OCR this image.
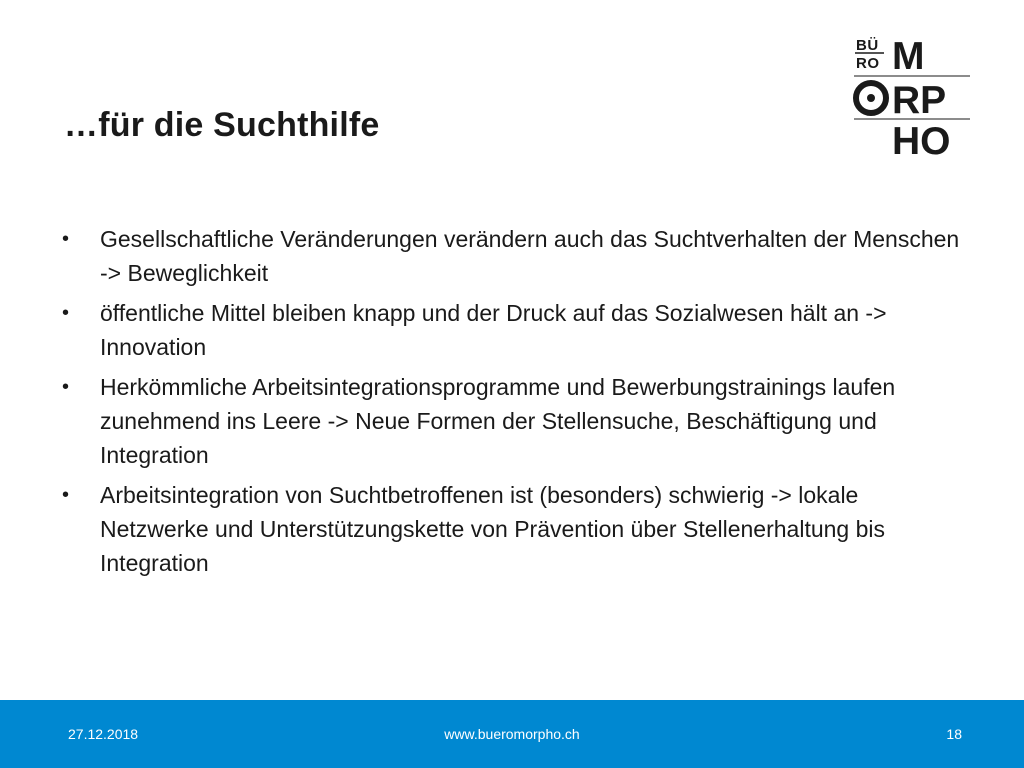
…für die Suchthilfe
BÜ
RO M
RP
HO
• Gesellschaftliche Veränderungen verändern auch das Suchtverhalten der Menschen -> Beweglichkeit
• öffentliche Mittel bleiben knapp und der Druck auf das Sozialwesen hält an -> Innovation
• Herkömmliche Arbeitsintegrationsprogramme und Bewerbungstrainings laufen zunehmend ins Leere -> Neue Formen der Stellensuche, Beschäftigung und Integration
• Arbeitsintegration von Suchtbetroffenen ist (besonders) schwierig -> lokale Netzwerke und Unterstützungskette von Prävention über Stellenerhaltung bis Integration
27.12.2018	www.bueromorpho.ch	18
